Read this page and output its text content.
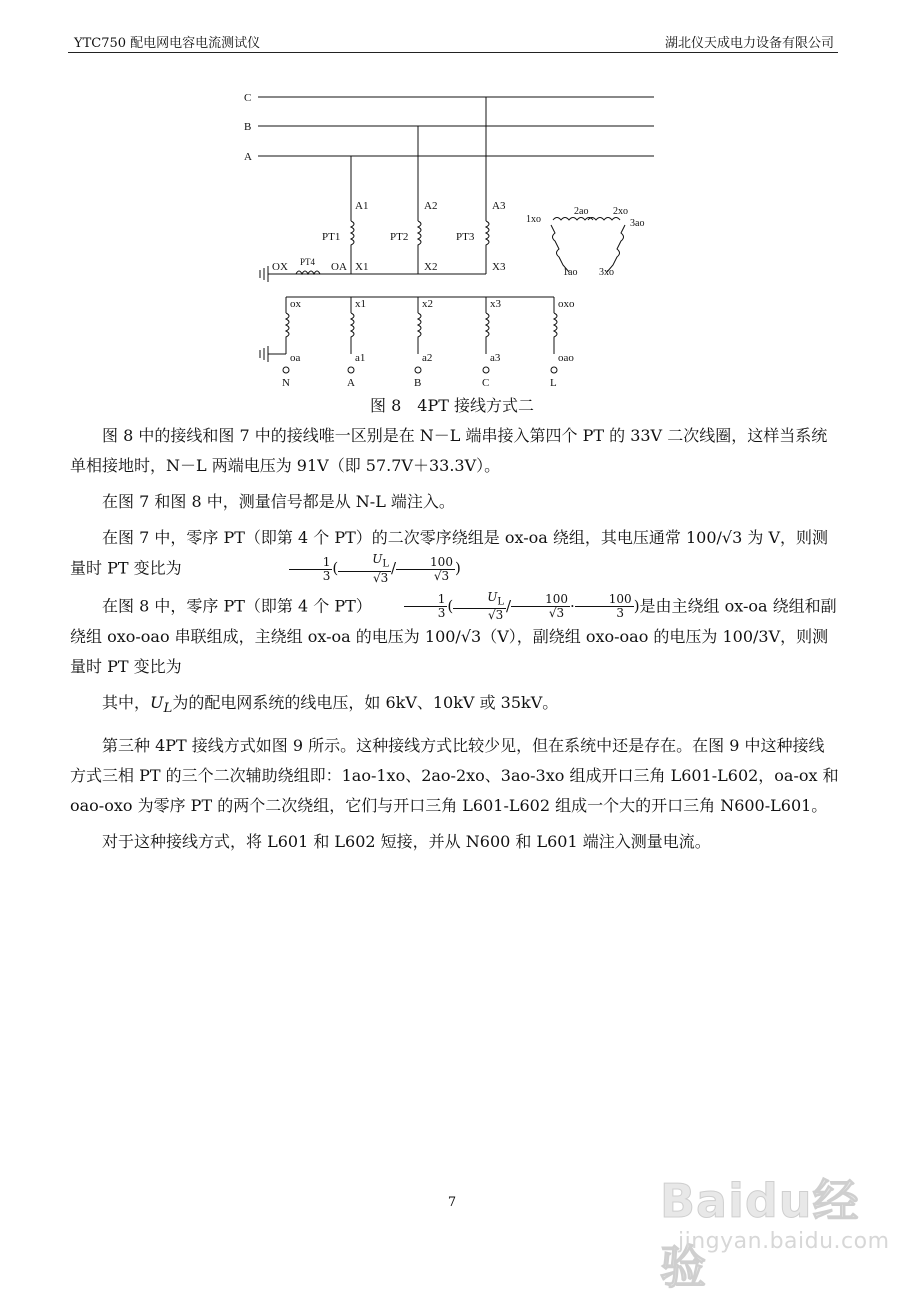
YTC750 配电网电容电流测试仪	湖北仪天成电力设备有限公司
C
B
A
A1	A2	A3
PT1	PT2	PT3
PT4
OX	OA X1	X2	X3
2ao 2xo
1xo	3ao
1ao 3xo
ox	x1	x2	x3	oxo
oa	a1	a2	a3	oao
N	A	B	C	L
图 8　4PT 接线方式二

图 8 中的接线和图 7 中的接线唯一区别是在 N－L 端串接入第四个 PT 的 33V 二次线圈，这样当系统单相接地时，N－L 两端电压为 91V（即 57.7V＋33.3V）。

在图 7 和图 8 中，测量信号都是从 N-L 端注入。

在图 7 中，零序 PT（即第 4 个 PT）的二次零序绕组是 ox-oa 绕组，其电压通常 100/√3 为 V，则测量时 PT 变比为	$\frac{1}{3}$ ( $\frac{U_L}{√3} / \frac{100}{√3}$ )

在图 8 中，零序 PT（即第 4 个 PT）	$\frac{1}{3}$ ( $\frac{U_L}{√3} / \frac{100}{√3} \cdot \frac{100}{3}$ )是由主绕组 ox-oa 绕组和副绕组 oxo-oao 串联组成，主绕组 ox-oa 的电压为 100/√3（V），副绕组 oxo-oao 的电压为 100/3V，则测量时 PT 变比为

其中，$U_L$为的配电网系统的线电压，如 6kV、10kV 或 35kV。

第三种 4PT 接线方式如图 9 所示。这种接线方式比较少见，但在系统中还是存在。在图 9 中这种接线方式三相 PT 的三个二次辅助绕组即：1ao-1xo、2ao-2xo、3ao-3xo 组成开口三角 L601-L602，oa-ox 和 oao-oxo 为零序 PT 的两个二次绕组，它们与开口三角 L601-L602 组成一个大的开口三角 N600-L601。

对于这种接线方式，将 L601 和 L602 短接，并从 N600 和 L601 端注入测量电流。

7	Baidu经验
jingyan.baidu.com
